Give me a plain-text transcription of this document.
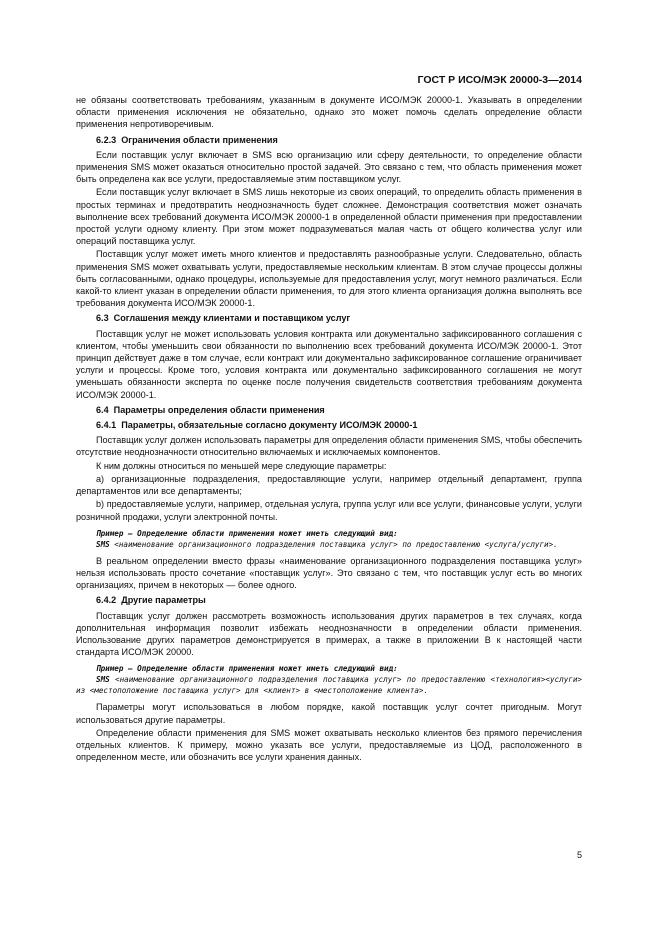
ГОСТ Р ИСО/МЭК 20000-3—2014

не обязаны соответствовать требованиям, указанным в документе ИСО/МЭК 20000-1. Указывать в определении области применения исключения не обязательно, однако это может помочь сделать определение области применения непротиворечивым.

6.2.3 Ограничения области применения

Если поставщик услуг включает в SMS всю организацию или сферу деятельности, то определение области применения SMS может оказаться относительно простой задачей. Это связано с тем, что область применения может быть определена как все услуги, предоставляемые этим поставщиком услуг.

Если поставщик услуг включает в SMS лишь некоторые из своих операций, то определить область применения в простых терминах и предотвратить неоднозначность будет сложнее. Демонстрация соответствия может означать выполнение всех требований документа ИСО/МЭК 20000-1 в определенной области применения при предоставлении простой услуги одному клиенту. При этом может подразумеваться малая часть от общего количества услуг или операций поставщика услуг.

Поставщик услуг может иметь много клиентов и предоставлять разнообразные услуги. Следовательно, область применения SMS может охватывать услуги, предоставляемые нескольким клиентам. В этом случае процессы должны быть согласованными, однако процедуры, используемые для предоставления услуг, могут немного различаться. Если какой-то клиент указан в определении области применения, то для этого клиента организация должна выполнять все требования документа ИСО/МЭК 20000-1.

6.3 Соглашения между клиентами и поставщиком услуг

Поставщик услуг не может использовать условия контракта или документально зафиксированного соглашения с клиентом, чтобы уменьшить свои обязанности по выполнению всех требований документа ИСО/МЭК 20000-1. Этот принцип действует даже в том случае, если контракт или документально зафиксированное соглашение ограничивает услуги и процессы. Кроме того, условия контракта или документально зафиксированного соглашения не могут уменьшать обязанности эксперта по оценке после получения свидетельств соответствия требованиям документа ИСО/МЭК 20000-1.

6.4 Параметры определения области применения
6.4.1 Параметры, обязательные согласно документу ИСО/МЭК 20000-1

Поставщик услуг должен использовать параметры для определения области применения SMS, чтобы обеспечить отсутствие неоднозначности относительно включаемых и исключаемых компонентов.

К ним должны относиться по меньшей мере следующие параметры:

a) организационные подразделения, предоставляющие услуги, например отдельный департамент, группа департаментов или все департаменты;

b) предоставляемые услуги, например, отдельная услуга, группа услуг или все услуги, финансовые услуги, услуги розничной продажи, услуги электронной почты.

Пример — Определение области применения может иметь следующий вид:
SMS <наименование организационного подразделения поставщика услуг> по предоставлению <услуга/услуги>.

В реальном определении вместо фразы «наименование организационного подразделения поставщика услуг» нельзя использовать просто сочетание «поставщик услуг». Это связано с тем, что поставщик услуг есть во многих организациях, причем в некоторых — более одного.

6.4.2 Другие параметры

Поставщик услуг должен рассмотреть возможность использования других параметров в тех случаях, когда дополнительная информация позволит избежать неоднозначности в определении области применения. Использование других параметров демонстрируется в примерах, а также в приложении В к настоящей части стандарта ИСО/МЭК 20000.

Пример — Определение области применения может иметь следующий вид:
SMS <наименование организационного подразделения поставщика услуг> по предоставлению <технология><услуги> из <местоположение поставщика услуг> для <клиент> в <местоположение клиента>.

Параметры могут использоваться в любом порядке, какой поставщик услуг сочтет пригодным. Могут использоваться другие параметры.

Определение области применения для SMS может охватывать несколько клиентов без прямого перечисления отдельных клиентов. К примеру, можно указать все услуги, предоставляемые из ЦОД, расположенного в определенном месте, или обозначить все услуги хранения данных.

5
